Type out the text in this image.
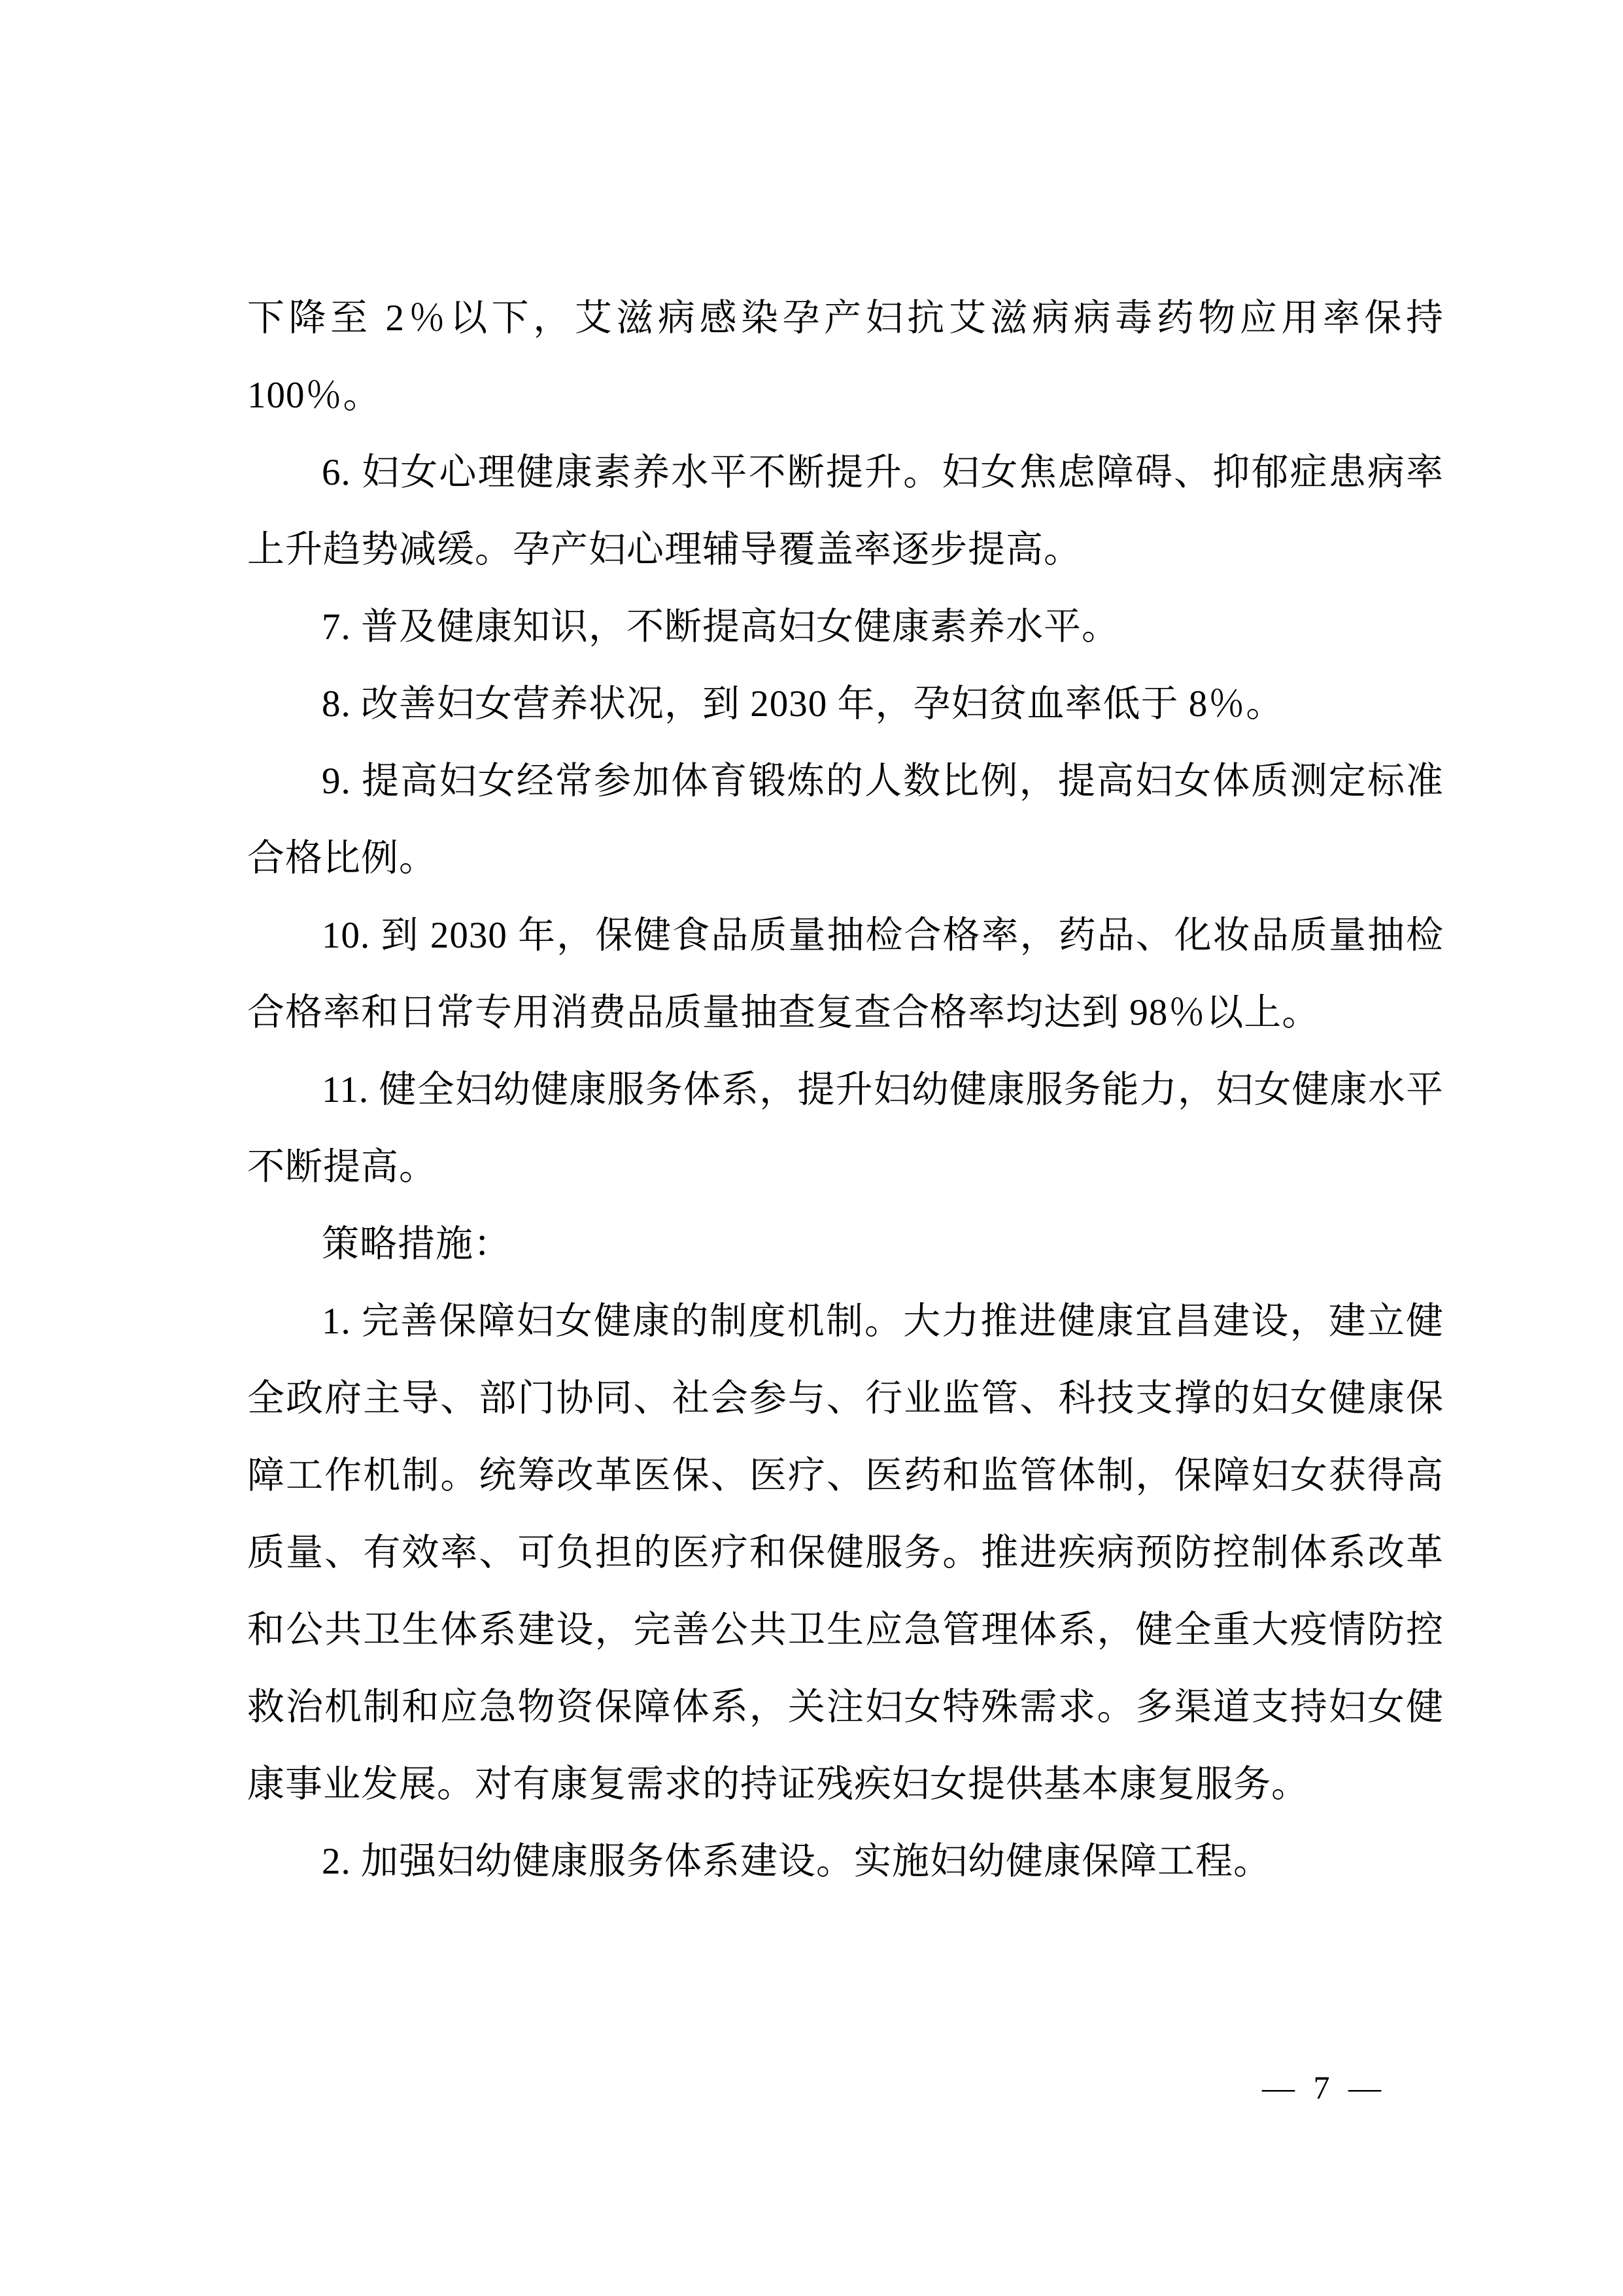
下降至 2％以下，艾滋病感染孕产妇抗艾滋病病毒药物应用率保持 100％。

6. 妇女心理健康素养水平不断提升。妇女焦虑障碍、抑郁症患病率上升趋势减缓。孕产妇心理辅导覆盖率逐步提高。

7. 普及健康知识，不断提高妇女健康素养水平。

8. 改善妇女营养状况，到 2030 年，孕妇贫血率低于 8％。

9. 提高妇女经常参加体育锻炼的人数比例，提高妇女体质测定标准合格比例。

10. 到 2030 年，保健食品质量抽检合格率，药品、化妆品质量抽检合格率和日常专用消费品质量抽查复查合格率均达到 98％以上。

11. 健全妇幼健康服务体系，提升妇幼健康服务能力，妇女健康水平不断提高。

策略措施：

1. 完善保障妇女健康的制度机制。大力推进健康宜昌建设，建立健全政府主导、部门协同、社会参与、行业监管、科技支撑的妇女健康保障工作机制。统筹改革医保、医疗、医药和监管体制，保障妇女获得高质量、有效率、可负担的医疗和保健服务。推进疾病预防控制体系改革和公共卫生体系建设，完善公共卫生应急管理体系，健全重大疫情防控救治机制和应急物资保障体系，关注妇女特殊需求。多渠道支持妇女健康事业发展。对有康复需求的持证残疾妇女提供基本康复服务。

2. 加强妇幼健康服务体系建设。实施妇幼健康保障工程。

— 7 —
